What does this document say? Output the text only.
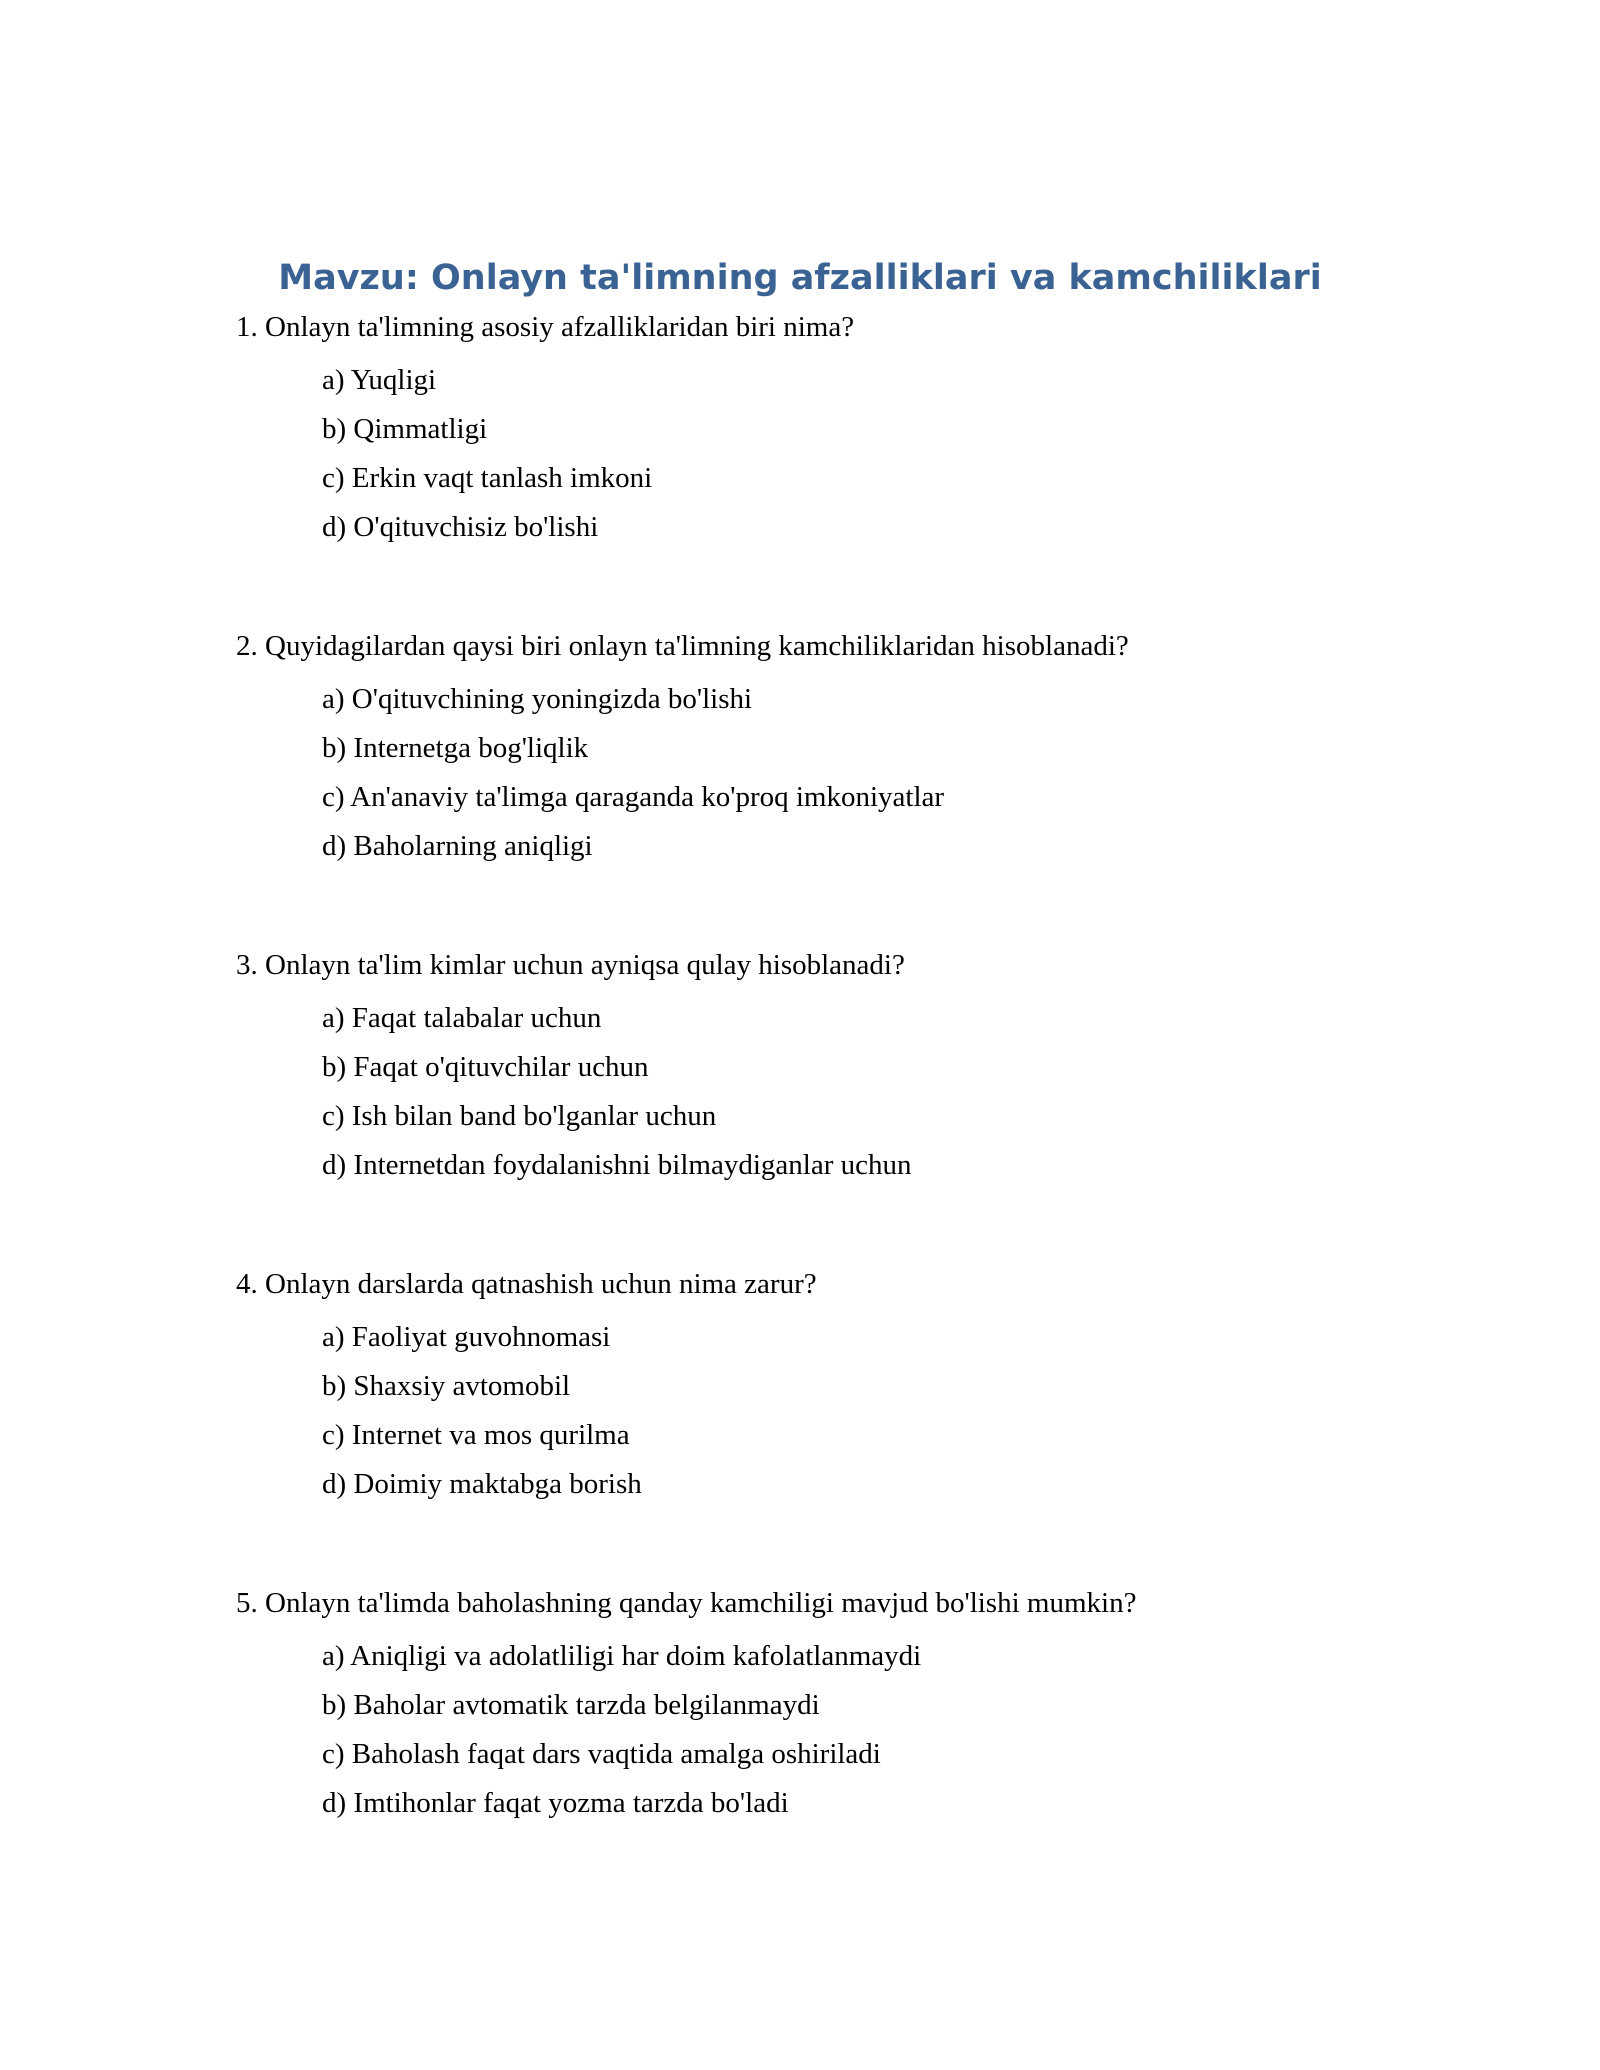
Mavzu: Onlayn ta'limning afzalliklari va kamchiliklari

1. Onlayn ta'limning asosiy afzalliklaridan biri nima?

a) Yuqligi
b) Qimmatligi
c) Erkin vaqt tanlash imkoni
d) O'qituvchisiz bo'lishi

2. Quyidagilardan qaysi biri onlayn ta'limning kamchiliklaridan hisoblanadi?

a) O'qituvchining yoningizda bo'lishi
b) Internetga bog'liqlik
c) An'anaviy ta'limga qaraganda ko'proq imkoniyatlar
d) Baholarning aniqligi

3. Onlayn ta'lim kimlar uchun ayniqsa qulay hisoblanadi?

a) Faqat talabalar uchun
b) Faqat o'qituvchilar uchun
c) Ish bilan band bo'lganlar uchun
d) Internetdan foydalanishni bilmaydiganlar uchun

4. Onlayn darslarda qatnashish uchun nima zarur?

a) Faoliyat guvohnomasi
b) Shaxsiy avtomobil
c) Internet va mos qurilma
d) Doimiy maktabga borish

5. Onlayn ta'limda baholashning qanday kamchiligi mavjud bo'lishi mumkin?

a) Aniqligi va adolatliligi har doim kafolatlanmaydi
b) Baholar avtomatik tarzda belgilanmaydi
c) Baholash faqat dars vaqtida amalga oshiriladi
d) Imtihonlar faqat yozma tarzda bo'ladi
